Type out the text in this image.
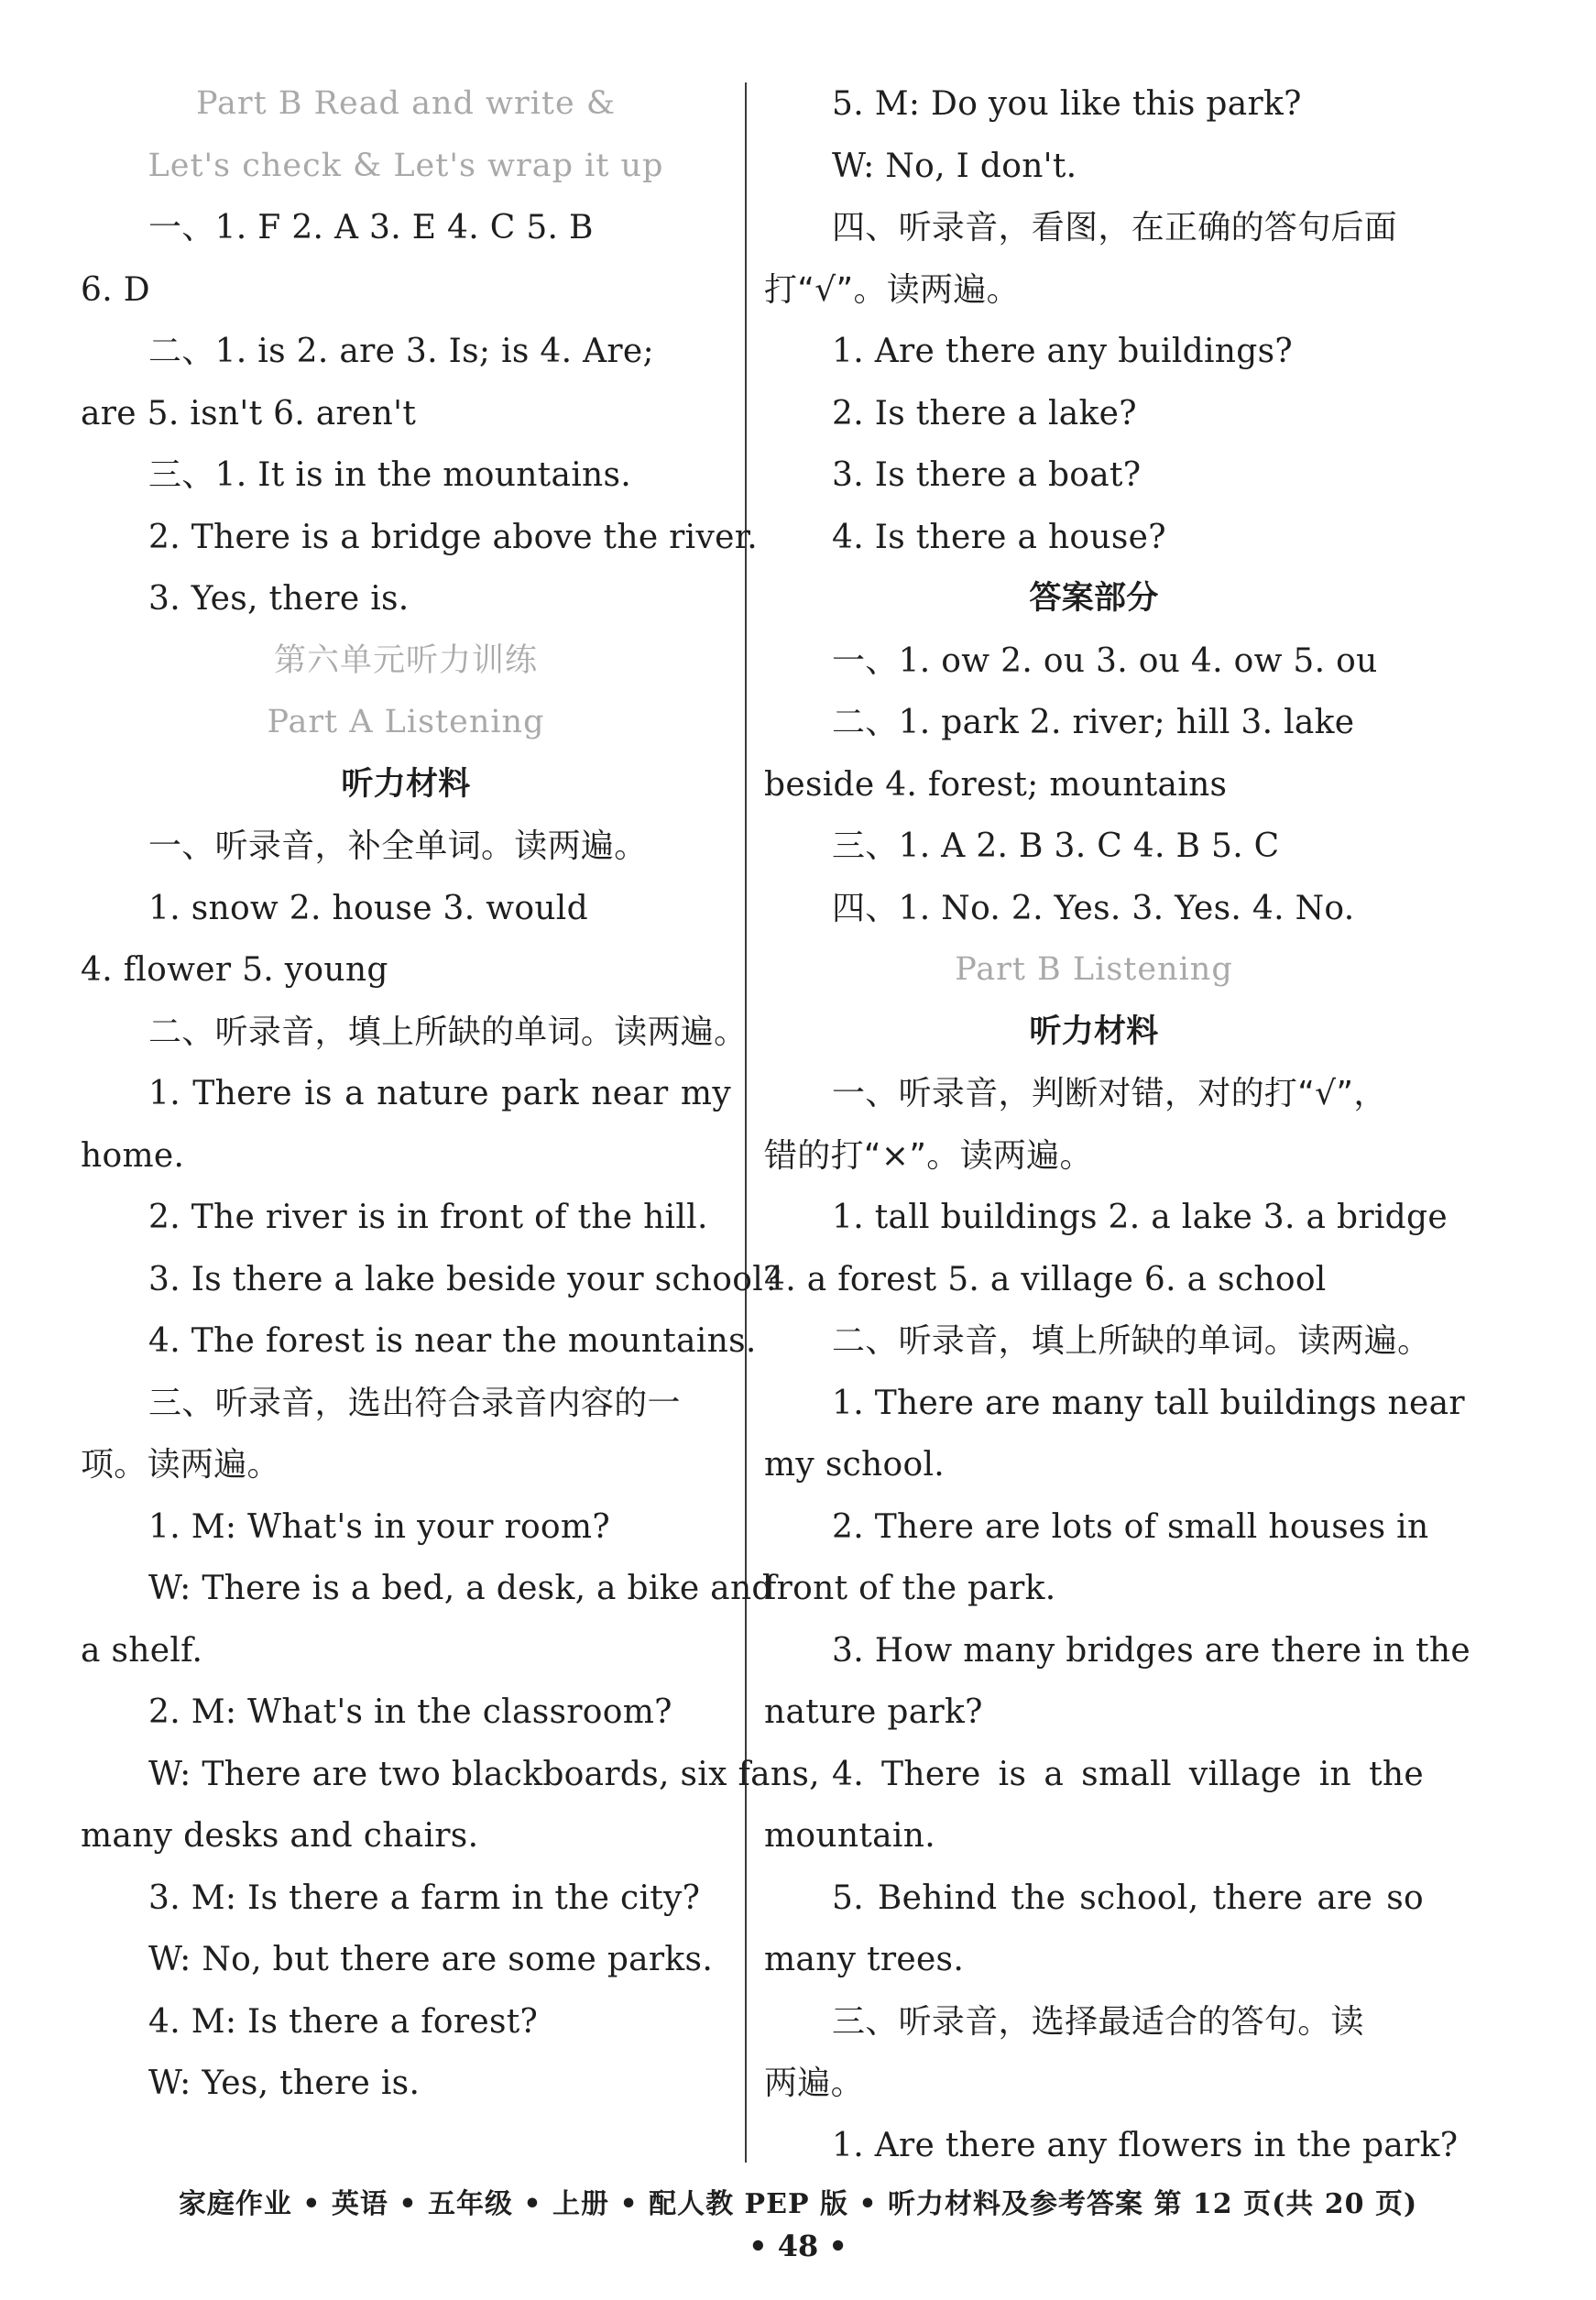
Part B Read and write &
Let's check & Let's wrap it up
一、1. F 2. A 3. E 4. C 5. B
6. D
二、1. is 2. are 3. Is; is 4. Are;
are 5. isn't 6. aren't
三、1. It is in the mountains.
2. There is a bridge above the river.
3. Yes, there is.
第六单元听力训练
Part A Listening
听力材料
一、听录音，补全单词。读两遍。
1. snow 2. house 3. would
4. flower 5. young
二、听录音，填上所缺的单词。读两遍。
1. There is a nature park near my
home.
2. The river is in front of the hill.
3. Is there a lake beside your school?
4. The forest is near the mountains.
三、听录音，选出符合录音内容的一
项。读两遍。
1. M: What's in your room?
W: There is a bed, a desk, a bike and
a shelf.
2. M: What's in the classroom?
W: There are two blackboards, six fans,
many desks and chairs.
3. M: Is there a farm in the city?
W: No, but there are some parks.
4. M: Is there a forest?
W: Yes, there is.
5. M: Do you like this park?
W: No, I don't.
四、听录音，看图，在正确的答句后面
打“√”。读两遍。
1. Are there any buildings?
2. Is there a lake?
3. Is there a boat?
4. Is there a house?
答案部分
一、1. ow 2. ou 3. ou 4. ow 5. ou
二、1. park 2. river; hill 3. lake
beside 4. forest; mountains
三、1. A 2. B 3. C 4. B 5. C
四、1. No. 2. Yes. 3. Yes. 4. No.
Part B Listening
听力材料
一、听录音，判断对错，对的打“√”，
错的打“×”。读两遍。
1. tall buildings 2. a lake 3. a bridge
4. a forest 5. a village 6. a school
二、听录音，填上所缺的单词。读两遍。
1. There are many tall buildings near
my school.
2. There are lots of small houses in
front of the park.
3. How many bridges are there in the
nature park?
4. There is a small village in the
mountain.
5. Behind the school, there are so
many trees.
三、听录音，选择最适合的答句。读
两遍。
1. Are there any flowers in the park?
家庭作业 • 英语 • 五年级 • 上册 • 配人教 PEP 版 • 听力材料及参考答案 第 12 页(共 20 页)
• 48 •
